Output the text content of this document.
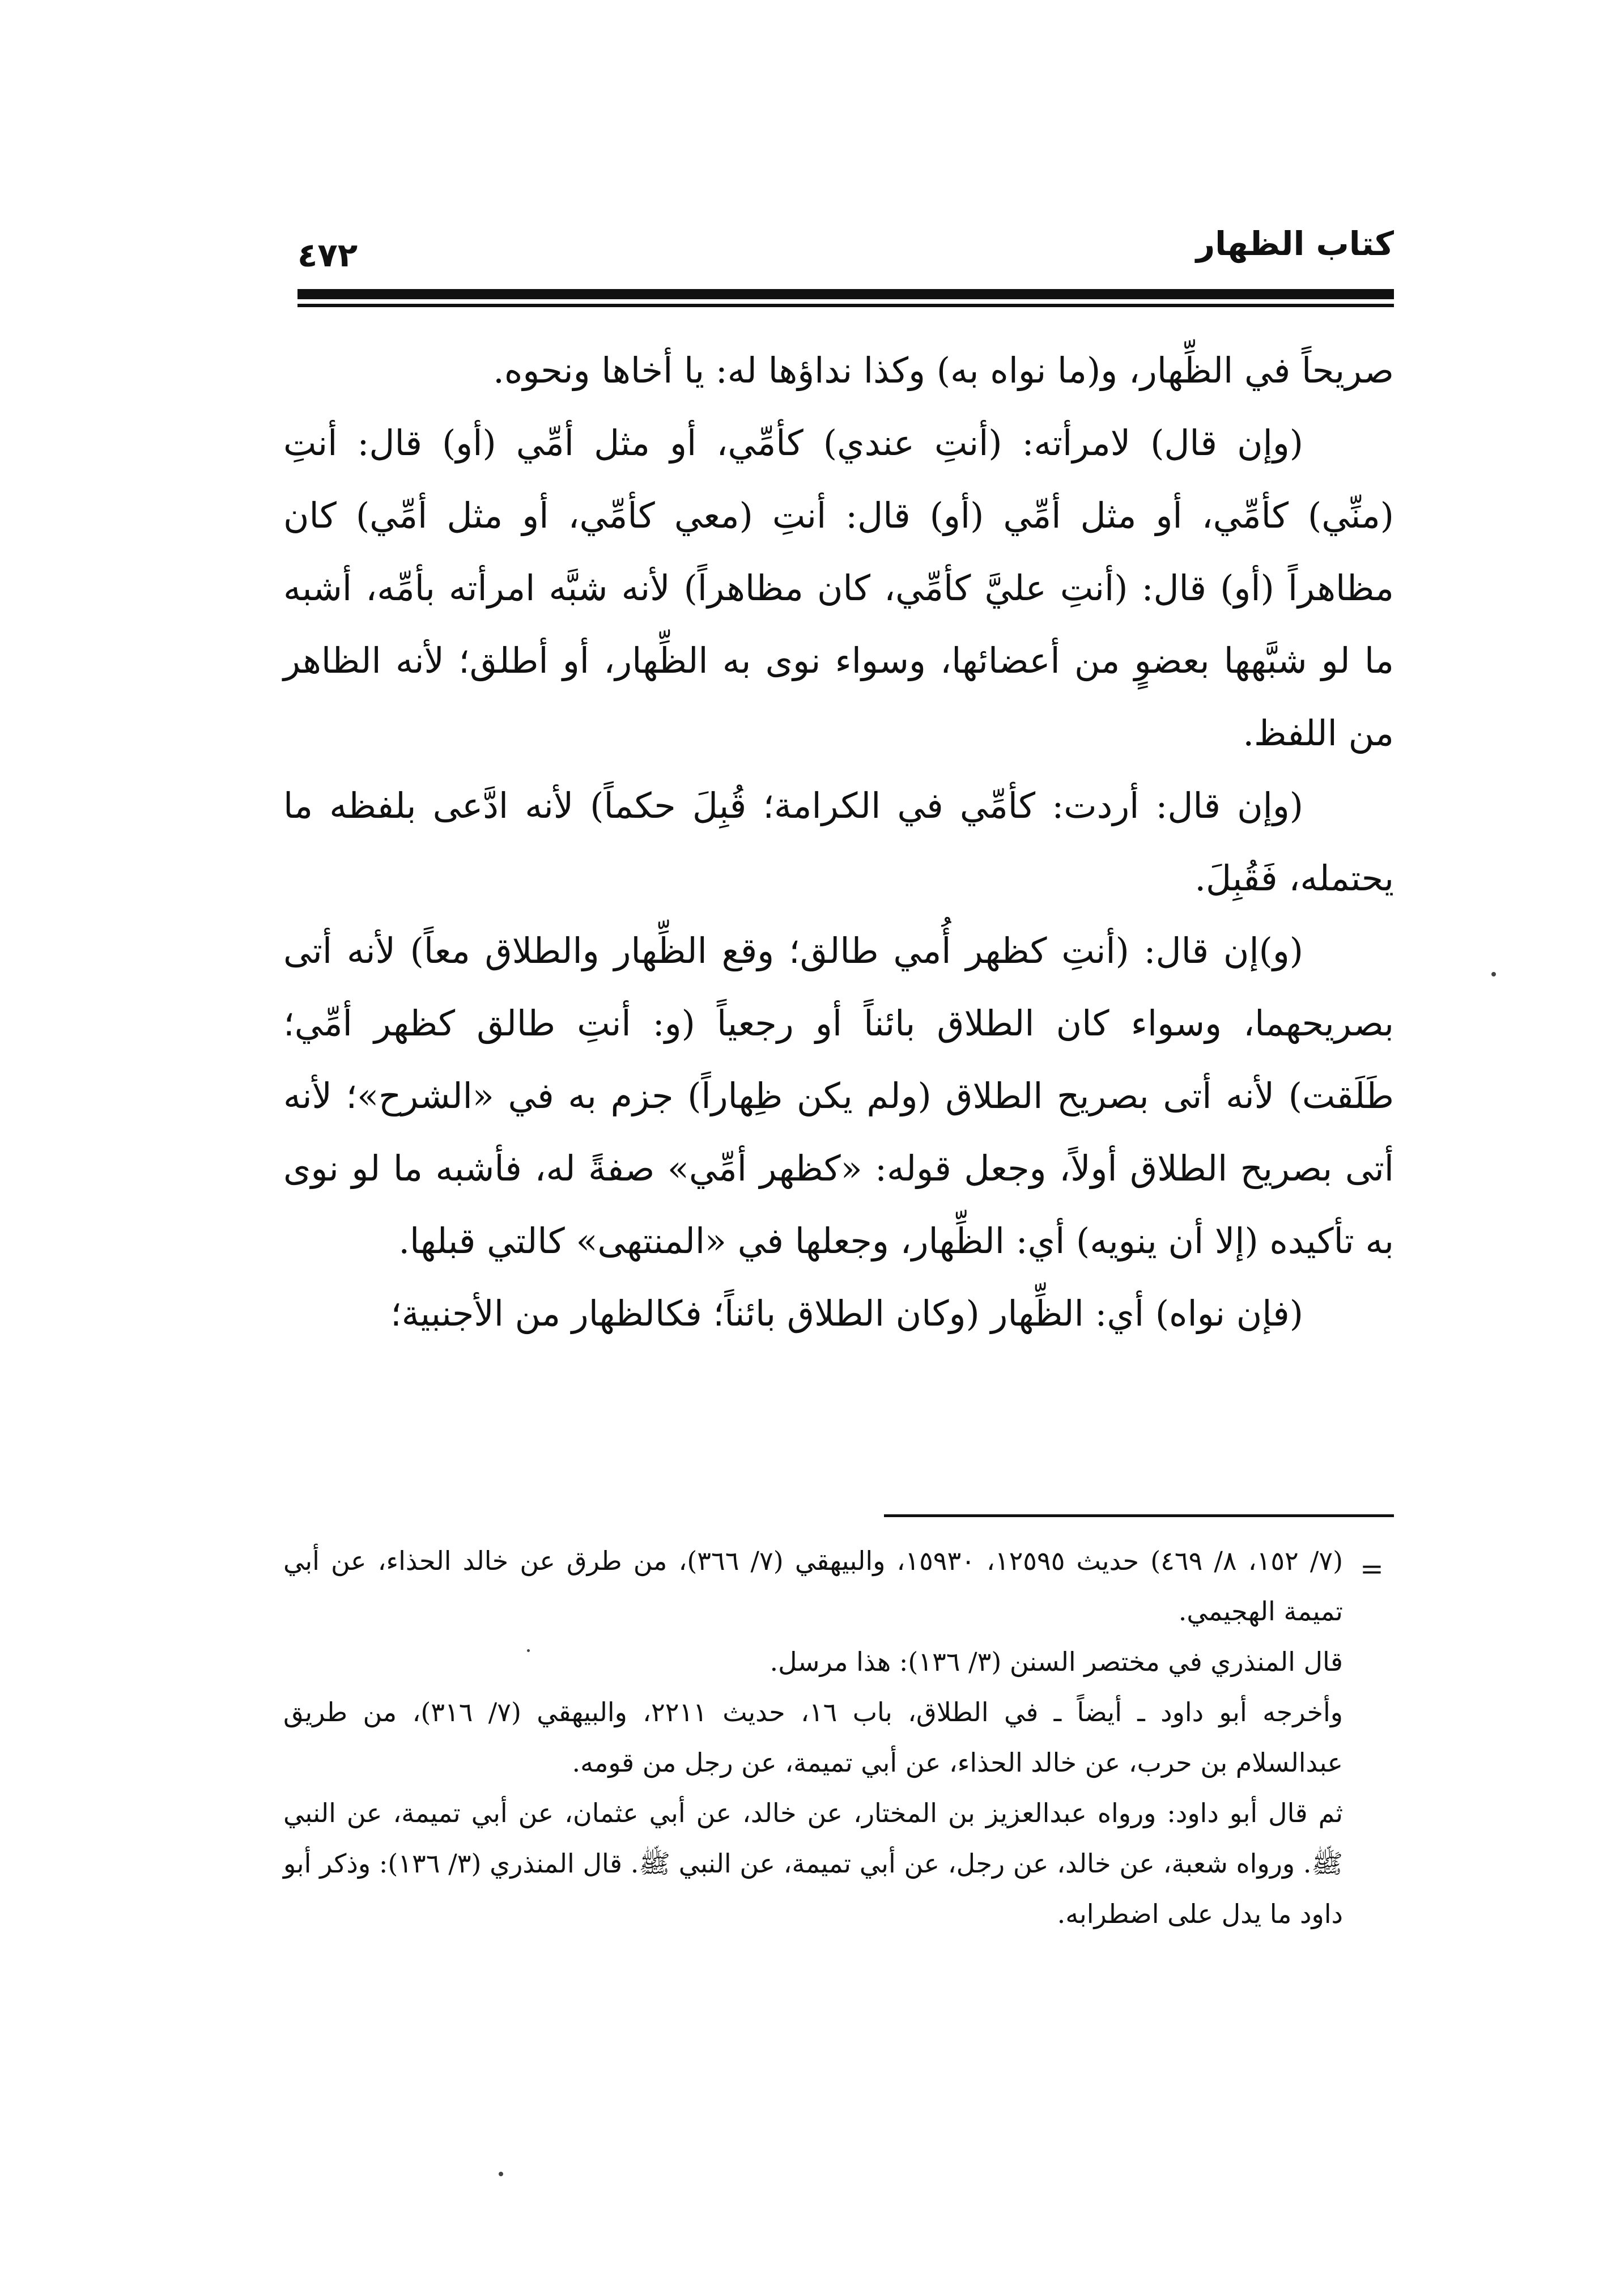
كتاب الظهار
٤٧٢

صريحاً في الظِّهار، و(ما نواه به) وكذا نداؤها له: يا أخاها ونحوه.

(وإن قال) لامرأته: (أنتِ عندي) كأمِّي، أو مثل أمِّي (أو) قال: أنتِ (منِّي) كأمِّي، أو مثل أمِّي (أو) قال: أنتِ (معي كأمِّي، أو مثل أمِّي) كان مظاهراً (أو) قال: (أنتِ عليَّ كأمِّي، كان مظاهراً) لأنه شبَّه امرأته بأمِّه، أشبه ما لو شبَّهها بعضوٍ من أعضائها، وسواء نوى به الظِّهار، أو أطلق؛ لأنه الظاهر من اللفظ.

(وإن قال: أردت: كأمِّي في الكرامة؛ قُبِلَ حكماً) لأنه ادَّعى بلفظه ما يحتمله، فَقُبِلَ.

(و)إن قال: (أنتِ كظهر أُمي طالق؛ وقع الظِّهار والطلاق معاً) لأنه أتى بصريحهما، وسواء كان الطلاق بائناً أو رجعياً (و: أنتِ طالق كظهر أمِّي؛ طَلَقت) لأنه أتى بصريح الطلاق (ولم يكن ظِهاراً) جزم به في «الشرح»؛ لأنه أتى بصريح الطلاق أولاً، وجعل قوله: «كظهر أمِّي» صفةً له، فأشبه ما لو نوى به تأكيده (إلا أن ينويه) أي: الظِّهار، وجعلها في «المنتهى» كالتي قبلها.

(فإن نواه) أي: الظِّهار (وكان الطلاق بائناً؛ فكالظهار من الأجنبية؛

=

(٧/ ١٥٢، ٨/ ٤٦٩) حديث ١٢٥٩٥، ١٥٩٣٠، والبيهقي (٧/ ٣٦٦)، من طرق عن خالد الحذاء، عن أبي تميمة الهجيمي.

قال المنذري في مختصر السنن (٣/ ١٣٦): هذا مرسل.

وأخرجه أبو داود ـ أيضاً ـ في الطلاق، باب ١٦، حديث ٢٢١١، والبيهقي (٧/ ٣١٦)، من طريق عبدالسلام بن حرب، عن خالد الحذاء، عن أبي تميمة، عن رجل من قومه.

ثم قال أبو داود: ورواه عبدالعزيز بن المختار، عن خالد، عن أبي عثمان، عن أبي تميمة، عن النبي ﷺ. ورواه شعبة، عن خالد، عن رجل، عن أبي تميمة، عن النبي ﷺ. قال المنذري (٣/ ١٣٦): وذكر أبو داود ما يدل على اضطرابه.
